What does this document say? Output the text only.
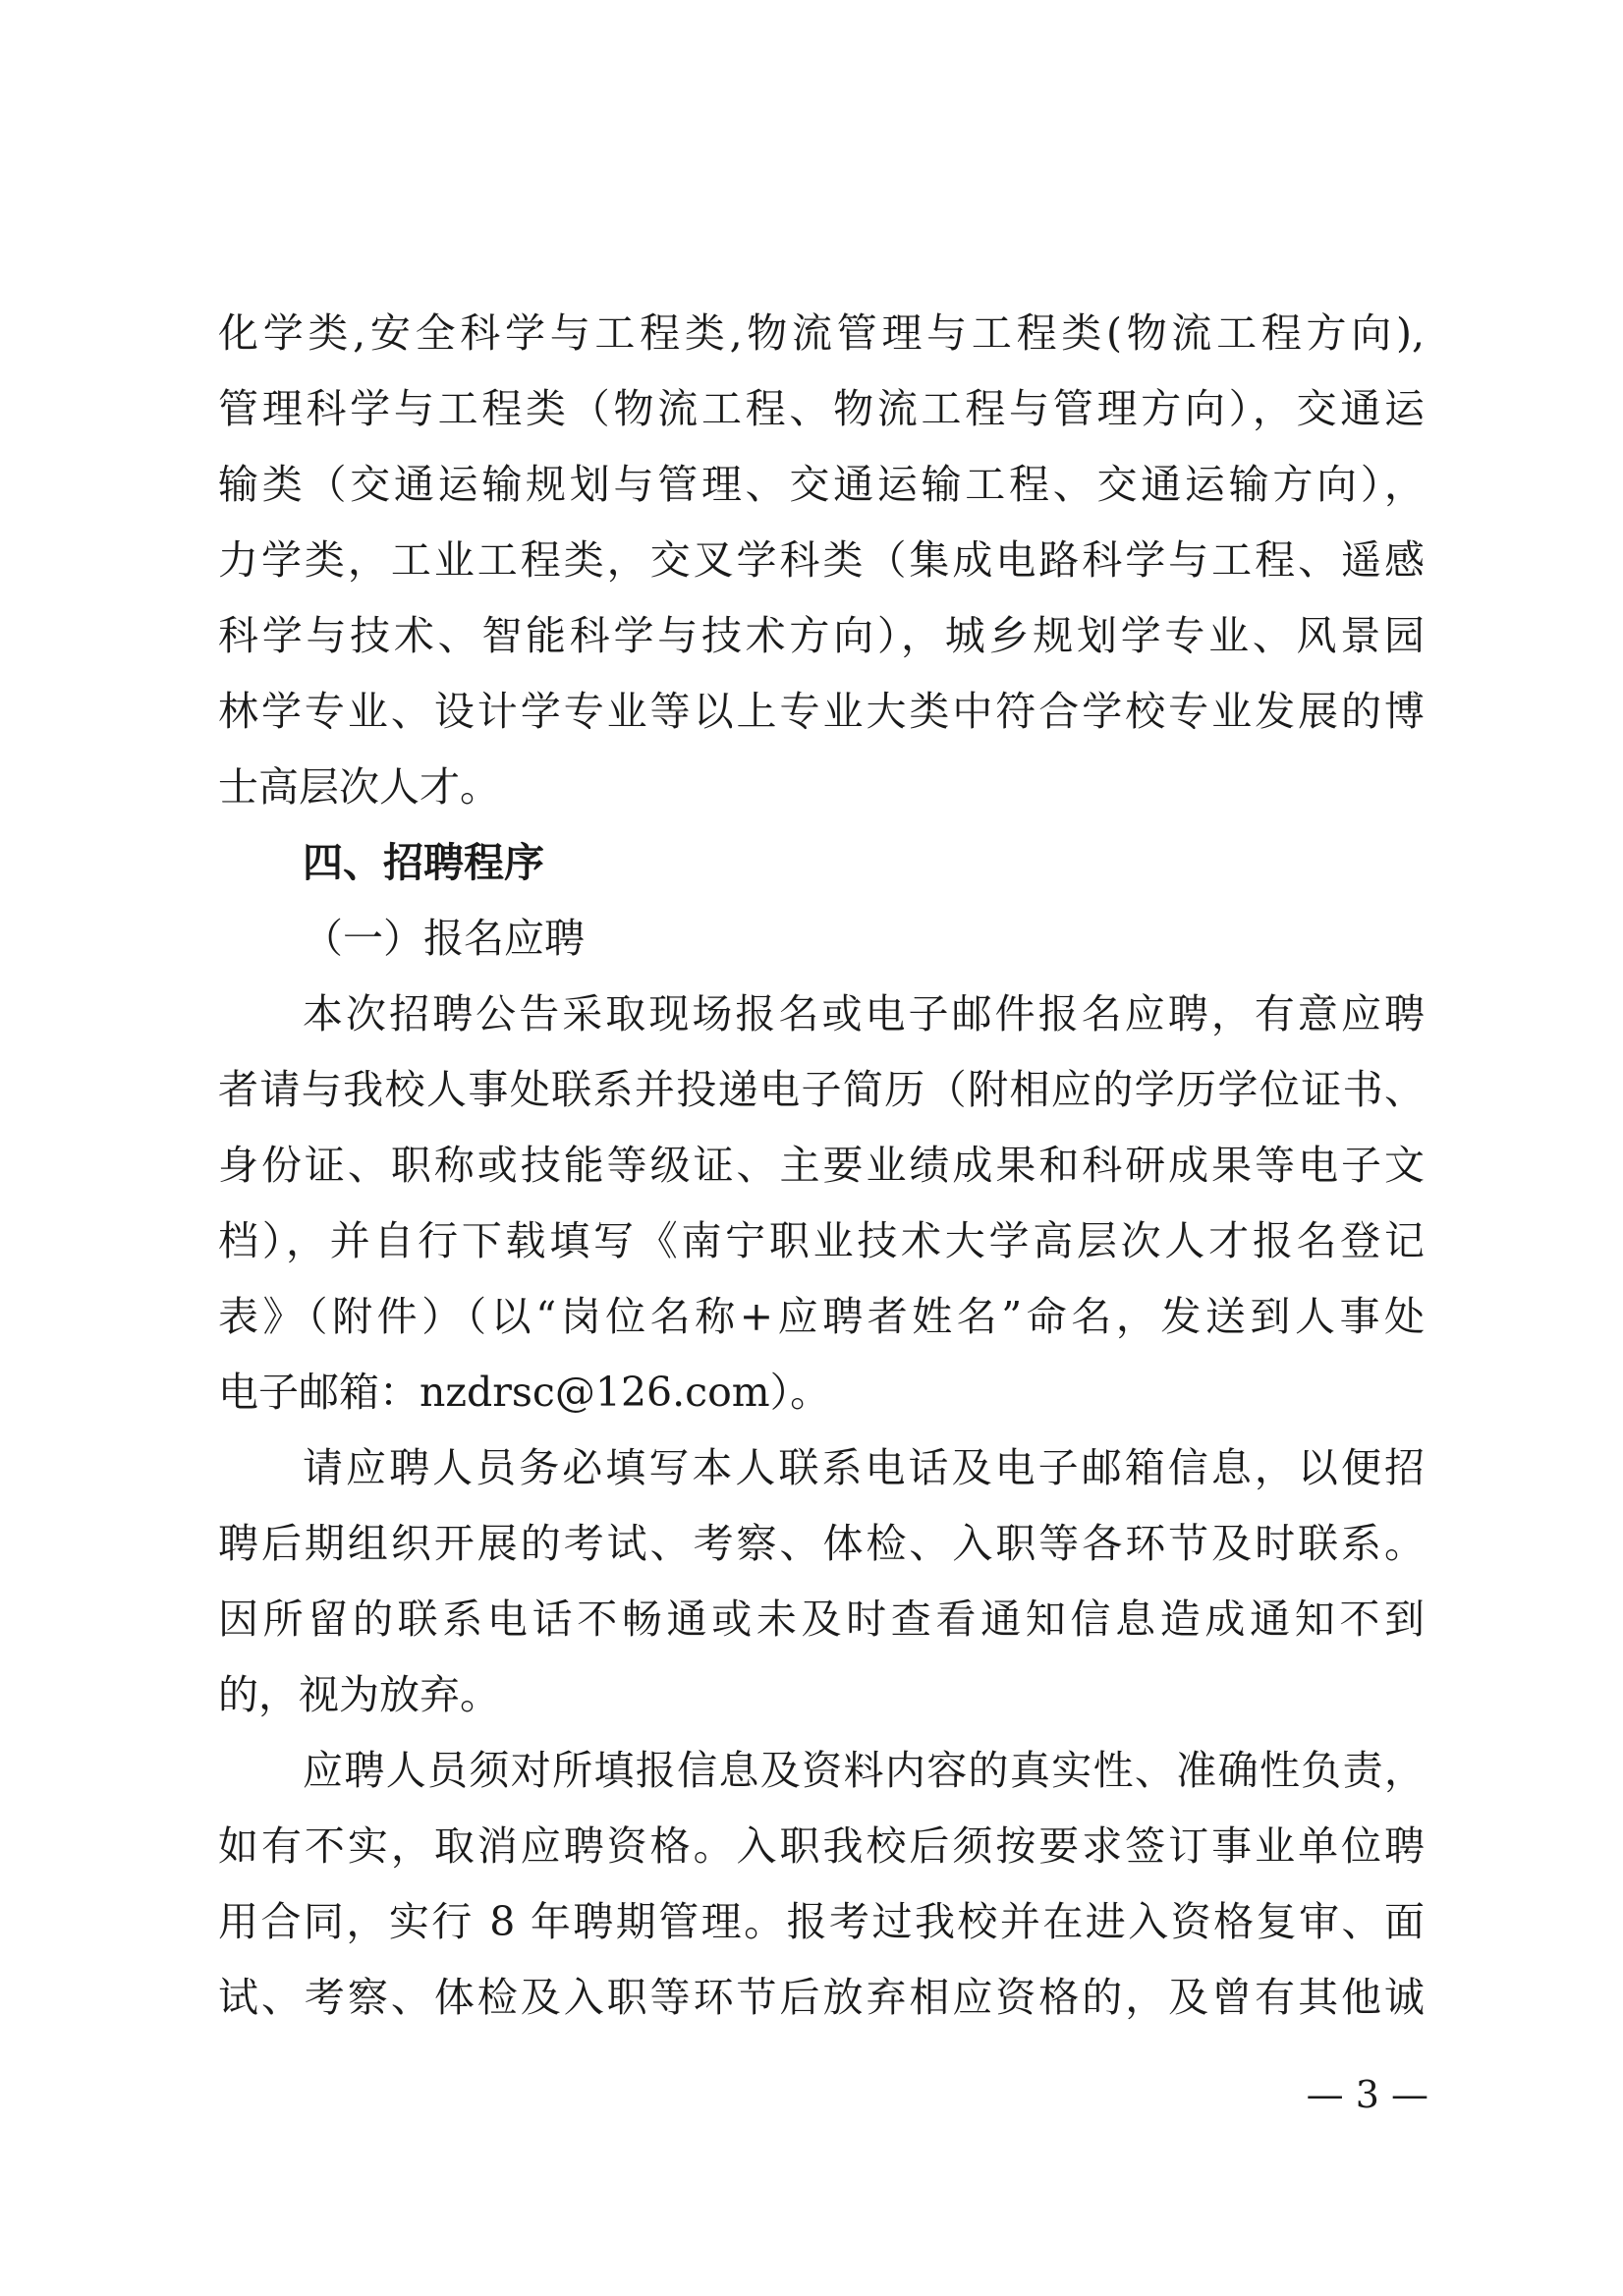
化学类,安全科学与工程类,物流管理与工程类(物流工程方向),
管理科学与工程类（物流工程、物流工程与管理方向），交通运
输类（交通运输规划与管理、交通运输工程、交通运输方向），
力学类，工业工程类，交叉学科类（集成电路科学与工程、遥感
科学与技术、智能科学与技术方向），城乡规划学专业、风景园
林学专业、设计学专业等以上专业大类中符合学校专业发展的博
士高层次人才。
四、招聘程序
（一）报名应聘
本次招聘公告采取现场报名或电子邮件报名应聘，有意应聘
者请与我校人事处联系并投递电子简历（附相应的学历学位证书、
身份证、职称或技能等级证、主要业绩成果和科研成果等电子文
档），并自行下载填写《南宁职业技术大学高层次人才报名登记
表》（附件）（以“岗位名称+应聘者姓名”命名，发送到人事处
电子邮箱：nzdrsc@126.com）。
请应聘人员务必填写本人联系电话及电子邮箱信息，以便招
聘后期组织开展的考试、考察、体检、入职等各环节及时联系。
因所留的联系电话不畅通或未及时查看通知信息造成通知不到
的，视为放弃。
应聘人员须对所填报信息及资料内容的真实性、准确性负责，
如有不实，取消应聘资格。入职我校后须按要求签订事业单位聘
用合同，实行 8 年聘期管理。报考过我校并在进入资格复审、面
试、考察、体检及入职等环节后放弃相应资格的，及曾有其他诚
— 3 —
